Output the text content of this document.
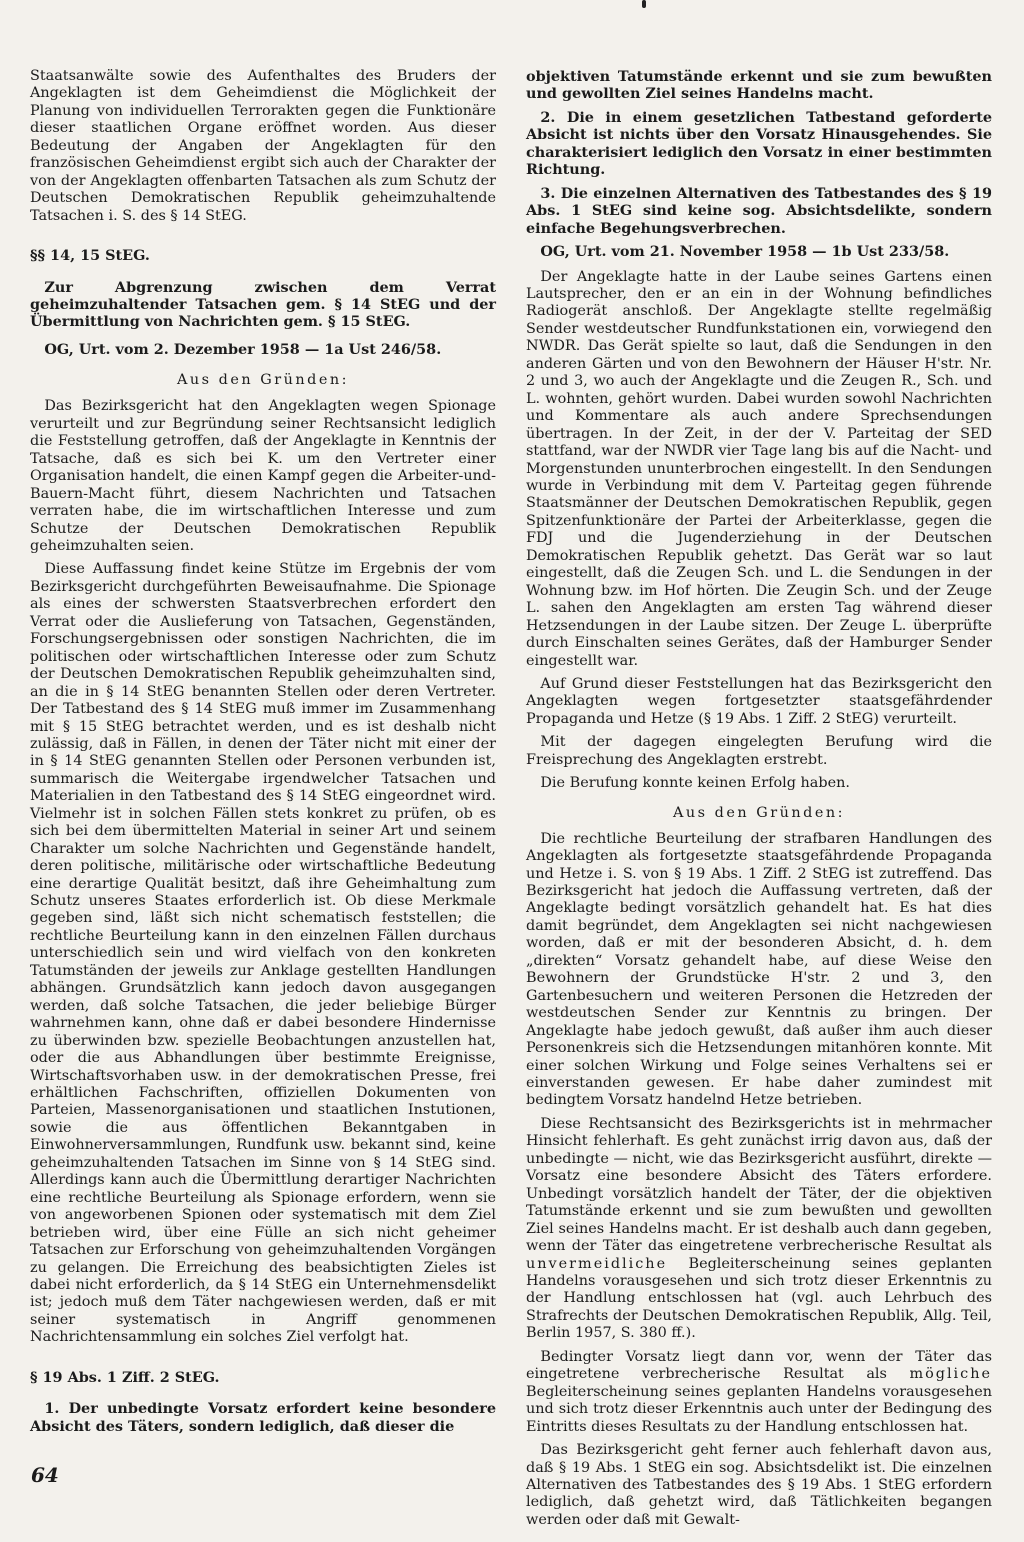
Staatsanwälte sowie des Aufenthaltes des Bruders der Angeklagten ist dem Geheimdienst die Möglichkeit der Planung von individuellen Terrorakten gegen die Funktionäre dieser staatlichen Organe eröffnet worden. Aus dieser Bedeutung der Angaben der Angeklagten für den französischen Geheimdienst ergibt sich auch der Charakter der von der Angeklagten offenbarten Tatsachen als zum Schutz der Deutschen Demokratischen Republik geheimzuhaltende Tatsachen i. S. des § 14 StEG.

§§ 14, 15 StEG.

Zur Abgrenzung zwischen dem Verrat geheimzuhaltender Tatsachen gem. § 14 StEG und der Übermittlung von Nachrichten gem. § 15 StEG.

OG, Urt. vom 2. Dezember 1958 — 1a Ust 246/58.

Aus den Gründen:

Das Bezirksgericht hat den Angeklagten wegen Spionage verurteilt und zur Begründung seiner Rechtsansicht lediglich die Feststellung getroffen, daß der Angeklagte in Kenntnis der Tatsache, daß es sich bei K. um den Vertreter einer Organisation handelt, die einen Kampf gegen die Arbeiter-und-Bauern-Macht führt, diesem Nachrichten und Tatsachen verraten habe, die im wirtschaftlichen Interesse und zum Schutze der Deutschen Demokratischen Republik geheimzuhalten seien.

Diese Auffassung findet keine Stütze im Ergebnis der vom Bezirksgericht durchgeführten Beweisaufnahme. Die Spionage als eines der schwersten Staatsverbrechen erfordert den Verrat oder die Auslieferung von Tatsachen, Gegenständen, Forschungsergebnissen oder sonstigen Nachrichten, die im politischen oder wirtschaftlichen Interesse oder zum Schutz der Deutschen Demokratischen Republik geheimzuhalten sind, an die in § 14 StEG benannten Stellen oder deren Vertreter. Der Tatbestand des § 14 StEG muß immer im Zusammenhang mit § 15 StEG betrachtet werden, und es ist deshalb nicht zulässig, daß in Fällen, in denen der Täter nicht mit einer der in § 14 StEG genannten Stellen oder Personen verbunden ist, summarisch die Weitergabe irgendwelcher Tatsachen und Materialien in den Tatbestand des § 14 StEG eingeordnet wird. Vielmehr ist in solchen Fällen stets konkret zu prüfen, ob es sich bei dem übermittelten Material in seiner Art und seinem Charakter um solche Nachrichten und Gegenstände handelt, deren politische, militärische oder wirtschaftliche Bedeutung eine derartige Qualität besitzt, daß ihre Geheimhaltung zum Schutz unseres Staates erforderlich ist. Ob diese Merkmale gegeben sind, läßt sich nicht schematisch feststellen; die rechtliche Beurteilung kann in den einzelnen Fällen durchaus unterschiedlich sein und wird vielfach von den konkreten Tatumständen der jeweils zur Anklage gestellten Handlungen abhängen. Grundsätzlich kann jedoch davon ausgegangen werden, daß solche Tatsachen, die jeder beliebige Bürger wahrnehmen kann, ohne daß er dabei besondere Hindernisse zu überwinden bzw. spezielle Beobachtungen anzustellen hat, oder die aus Abhandlungen über bestimmte Ereignisse, Wirtschaftsvorhaben usw. in der demokratischen Presse, frei erhältlichen Fachschriften, offiziellen Dokumenten von Parteien, Massenorganisationen und staatlichen Instutionen, sowie die aus öffentlichen Bekanntgaben in Einwohnerversammlungen, Rundfunk usw. bekannt sind, keine geheimzuhaltenden Tatsachen im Sinne von § 14 StEG sind. Allerdings kann auch die Übermittlung derartiger Nachrichten eine rechtliche Beurteilung als Spionage erfordern, wenn sie von angeworbenen Spionen oder systematisch mit dem Ziel betrieben wird, über eine Fülle an sich nicht geheimer Tatsachen zur Erforschung von geheimzuhaltenden Vorgängen zu gelangen. Die Erreichung des beabsichtigten Zieles ist dabei nicht erforderlich, da § 14 StEG ein Unternehmensdelikt ist; jedoch muß dem Täter nachgewiesen werden, daß er mit seiner systematisch in Angriff genommenen Nachrichtensammlung ein solches Ziel verfolgt hat.

§ 19 Abs. 1 Ziff. 2 StEG.

1. Der unbedingte Vorsatz erfordert keine besondere Absicht des Täters, sondern lediglich, daß dieser die

objektiven Tatumstände erkennt und sie zum bewußten und gewollten Ziel seines Handelns macht.

2. Die in einem gesetzlichen Tatbestand geforderte Absicht ist nichts über den Vorsatz Hinausgehendes. Sie charakterisiert lediglich den Vorsatz in einer bestimmten Richtung.

3. Die einzelnen Alternativen des Tatbestandes des § 19 Abs. 1 StEG sind keine sog. Absichtsdelikte, sondern einfache Begehungsverbrechen.

OG, Urt. vom 21. November 1958 — 1b Ust 233/58.

Der Angeklagte hatte in der Laube seines Gartens einen Lautsprecher, den er an ein in der Wohnung befindliches Radiogerät anschloß. Der Angeklagte stellte regelmäßig Sender westdeutscher Rundfunkstationen ein, vorwiegend den NWDR. Das Gerät spielte so laut, daß die Sendungen in den anderen Gärten und von den Bewohnern der Häuser H'str. Nr. 2 und 3, wo auch der Angeklagte und die Zeugen R., Sch. und L. wohnten, gehört wurden. Dabei wurden sowohl Nachrichten und Kommentare als auch andere Sprechsendungen übertragen. In der Zeit, in der der V. Parteitag der SED stattfand, war der NWDR vier Tage lang bis auf die Nacht- und Morgenstunden ununterbrochen eingestellt. In den Sendungen wurde in Verbindung mit dem V. Parteitag gegen führende Staatsmänner der Deutschen Demokratischen Republik, gegen Spitzenfunktionäre der Partei der Arbeiterklasse, gegen die FDJ und die Jugenderziehung in der Deutschen Demokratischen Republik gehetzt. Das Gerät war so laut eingestellt, daß die Zeugen Sch. und L. die Sendungen in der Wohnung bzw. im Hof hörten. Die Zeugin Sch. und der Zeuge L. sahen den Angeklagten am ersten Tag während dieser Hetzsendungen in der Laube sitzen. Der Zeuge L. überprüfte durch Einschalten seines Gerätes, daß der Hamburger Sender eingestellt war.

Auf Grund dieser Feststellungen hat das Bezirksgericht den Angeklagten wegen fortgesetzter staatsgefährdender Propaganda und Hetze (§ 19 Abs. 1 Ziff. 2 StEG) verurteilt.

Mit der dagegen eingelegten Berufung wird die Freisprechung des Angeklagten erstrebt.

Die Berufung konnte keinen Erfolg haben.

Aus den Gründen:

Die rechtliche Beurteilung der strafbaren Handlungen des Angeklagten als fortgesetzte staatsgefährdende Propaganda und Hetze i. S. von § 19 Abs. 1 Ziff. 2 StEG ist zutreffend. Das Bezirksgericht hat jedoch die Auffassung vertreten, daß der Angeklagte bedingt vorsätzlich gehandelt hat. Es hat dies damit begründet, dem Angeklagten sei nicht nachgewiesen worden, daß er mit der besonderen Absicht, d. h. dem „direkten“ Vorsatz gehandelt habe, auf diese Weise den Bewohnern der Grundstücke H'str. 2 und 3, den Gartenbesuchern und weiteren Personen die Hetzreden der westdeutschen Sender zur Kenntnis zu bringen. Der Angeklagte habe jedoch gewußt, daß außer ihm auch dieser Personenkreis sich die Hetzsendungen mitanhören konnte. Mit einer solchen Wirkung und Folge seines Verhaltens sei er einverstanden gewesen. Er habe daher zumindest mit bedingtem Vorsatz handelnd Hetze betrieben.

Diese Rechtsansicht des Bezirksgerichts ist in mehrmacher Hinsicht fehlerhaft. Es geht zunächst irrig davon aus, daß der unbedingte — nicht, wie das Bezirksgericht ausführt, direkte — Vorsatz eine besondere Absicht des Täters erfordere. Unbedingt vorsätzlich handelt der Täter, der die objektiven Tatumstände erkennt und sie zum bewußten und gewollten Ziel seines Handelns macht. Er ist deshalb auch dann gegeben, wenn der Täter das eingetretene verbrecherische Resultat als unvermeidliche Begleiterscheinung seines geplanten Handelns vorausgesehen und sich trotz dieser Erkenntnis zu der Handlung entschlossen hat (vgl. auch Lehrbuch des Strafrechts der Deutschen Demokratischen Republik, Allg. Teil, Berlin 1957, S. 380 ff.).

Bedingter Vorsatz liegt dann vor, wenn der Täter das eingetretene verbrecherische Resultat als mögliche Begleiterscheinung seines geplanten Handelns vorausgesehen und sich trotz dieser Erkenntnis auch unter der Bedingung des Eintritts dieses Resultats zu der Handlung entschlossen hat.

Das Bezirksgericht geht ferner auch fehlerhaft davon aus, daß § 19 Abs. 1 StEG ein sog. Absichtsdelikt ist. Die einzelnen Alternativen des Tatbestandes des § 19 Abs. 1 StEG erfordern lediglich, daß gehetzt wird, daß Tätlichkeiten begangen werden oder daß mit Gewalt-

64
